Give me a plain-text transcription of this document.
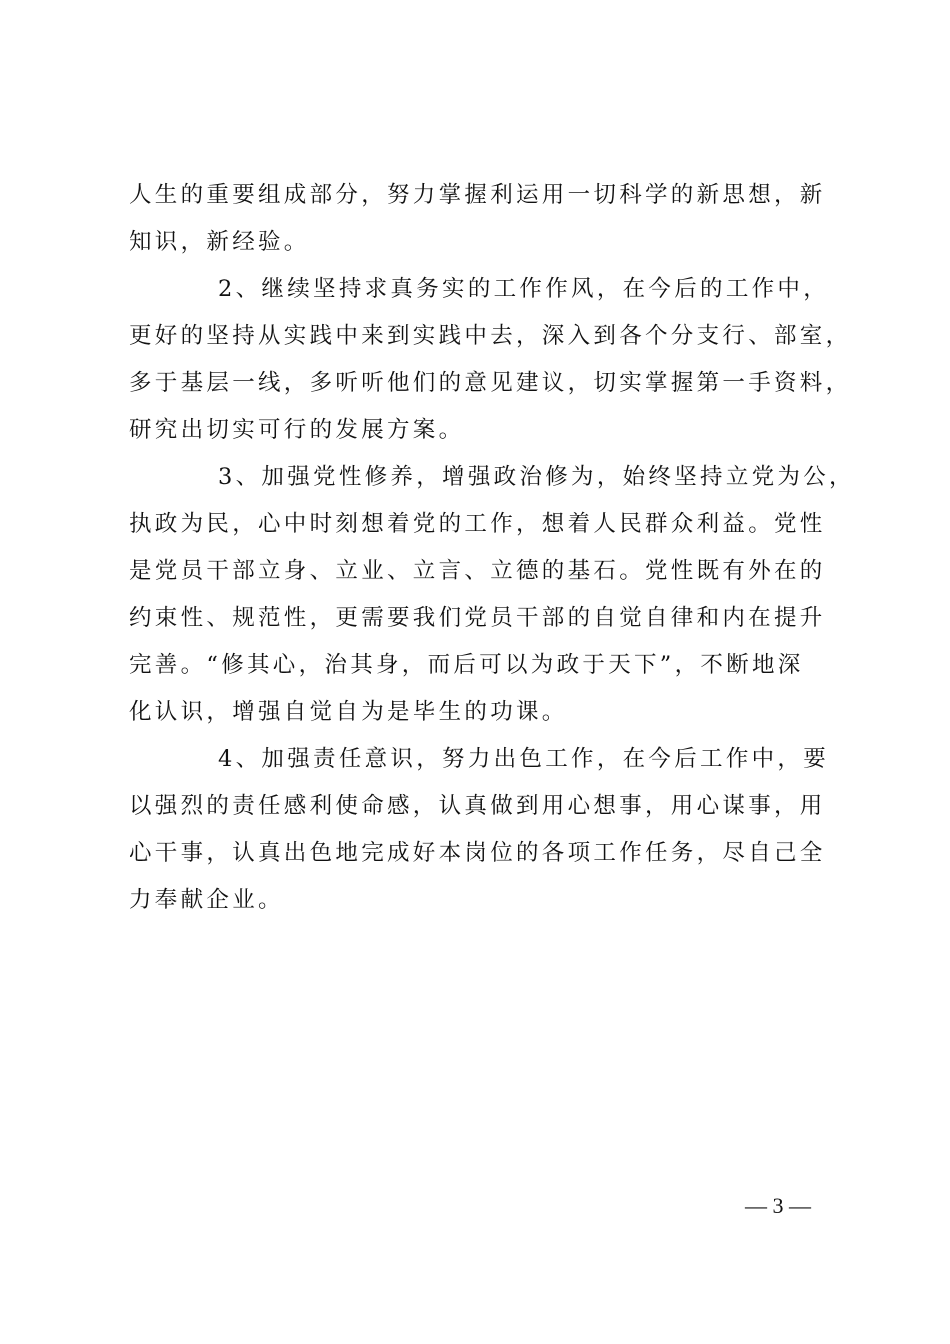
人生的重要组成部分，努力掌握利运用一切科学的新思想，新
知识，新经验。
2、继续坚持求真务实的工作作风，在今后的工作中，
更好的坚持从实践中来到实践中去，深入到各个分支行、部室，
多于基层一线，多听听他们的意见建议，切实掌握第一手资料，
研究出切实可行的发展方案。
3、加强党性修养，增强政治修为，始终坚持立党为公，
执政为民，心中时刻想着党的工作，想着人民群众利益。党性
是党员干部立身、立业、立言、立德的基石。党性既有外在的
约束性、规范性，更需要我们党员干部的自觉自律和内在提升
完善。“修其心，治其身，而后可以为政于天下”，不断地深
化认识，增强自觉自为是毕生的功课。
4、加强责任意识，努力出色工作，在今后工作中，要
以强烈的责任感利使命感，认真做到用心想事，用心谋事，用
心干事，认真出色地完成好本岗位的各项工作任务，尽自己全
力奉献企业。
— 3 —
